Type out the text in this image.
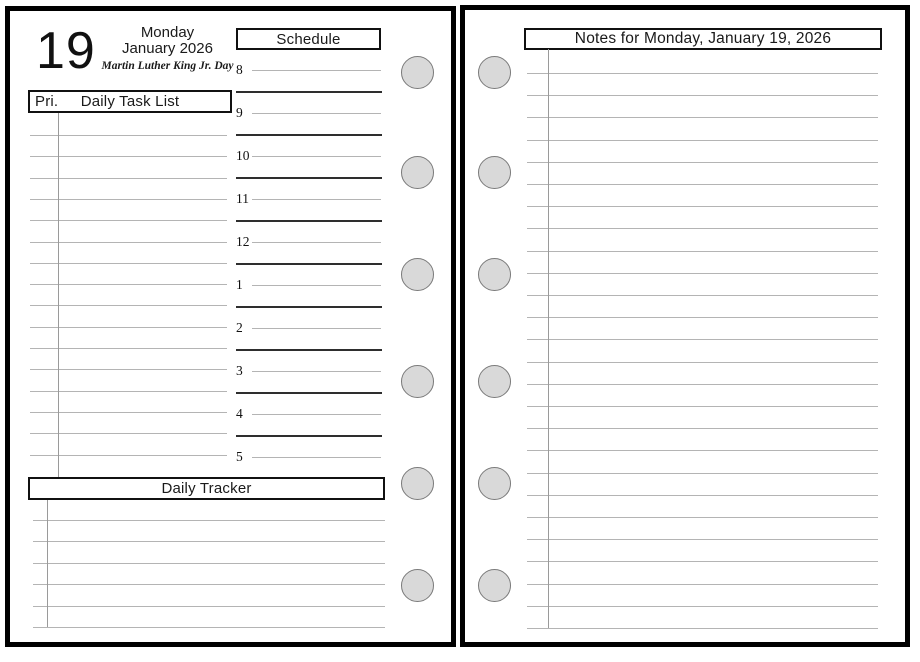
19	Monday
January 2026
Martin Luther King Jr. Day
Schedule
Pri. Daily Task List
8
9
10
11
12
1
2
3
4
5
Daily Tracker
Notes for Monday, January 19, 2026
